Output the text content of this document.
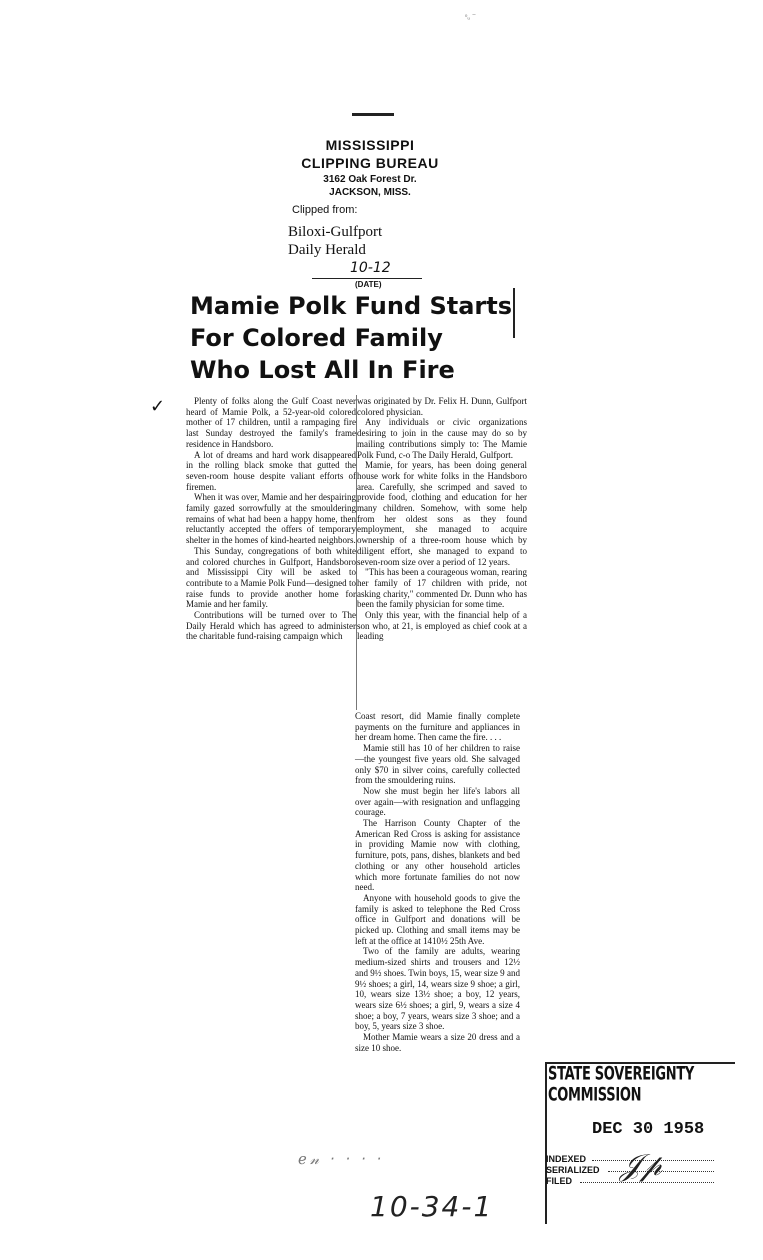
ᵒᵤ ⁻
MISSISSIPPI
CLIPPING BUREAU
3162 Oak Forest Dr.
JACKSON, MISS.
Clipped from:
Biloxi-Gulfport
Daily Herald
10-12
(DATE)
Mamie Polk Fund Starts
For Colored Family
Who Lost All In Fire
✓	Plenty of folks along the Gulf Coast never heard of Mamie Polk, a 52-year-old colored mother of 17 children, until a rampaging fire last Sunday destroyed the family's frame residence in Handsboro.

A lot of dreams and hard work disappeared in the rolling black smoke that gutted the seven-room house despite valiant efforts of firemen.

When it was over, Mamie and her despairing family gazed sorrowfully at the smouldering remains of what had been a happy home, then reluctantly accepted the offers of temporary shelter in the homes of kind-hearted neighbors.

This Sunday, congregations of both white and colored churches in Gulfport, Handsboro and Mississippi City will be asked to contribute to a Mamie Polk Fund—designed to raise funds to provide another home for Mamie and her family.

Contributions will be turned over to The Daily Herald which has agreed to administer the charitable fund-raising campaign which

was originated by Dr. Felix H. Dunn, Gulfport colored physician.

Any individuals or civic organizations desiring to join in the cause may do so by mailing contributions simply to: The Mamie Polk Fund, c-o The Daily Herald, Gulfport.

Mamie, for years, has been doing general house work for white folks in the Handsboro area. Carefully, she scrimped and saved to provide food, clothing and education for her many children. Somehow, with some help from her oldest sons as they found employment, she managed to acquire ownership of a three-room house which by diligent effort, she managed to expand to seven-room size over a period of 12 years.

"This has been a courageous woman, rearing her family of 17 children with pride, not asking charity," commented Dr. Dunn who has been the family physician for some time.

Only this year, with the financial help of a son who, at 21, is employed as chief cook at a leading

Coast resort, did Mamie finally complete payments on the furniture and appliances in her dream home. Then came the fire. . . .

Mamie still has 10 of her children to raise—the youngest five years old. She salvaged only $70 in silver coins, carefully collected from the smouldering ruins.

Now she must begin her life's labors all over again—with resignation and unflagging courage.

The Harrison County Chapter of the American Red Cross is asking for assistance in providing Mamie now with clothing, furniture, pots, pans, dishes, blankets and bed clothing or any other household articles which more fortunate families do not now need.

Anyone with household goods to give the family is asked to telephone the Red Cross office in Gulfport and donations will be picked up. Clothing and small items may be left at the office at 1410½ 25th Ave.

Two of the family are adults, wearing medium-sized shirts and trousers and 12½ and 9½ shoes. Twin boys, 15, wear size 9 and 9½ shoes; a girl, 14, wears size 9 shoe; a girl, 10, wears size 13½ shoe; a boy, 12 years, wears size 6½ shoes; a girl, 9, wears a size 4 shoe; a boy, 7 years, wears size 3 shoe; and a boy, 5, years size 3 shoe.

Mother Mamie wears a size 20 dress and a size 10 shoe.

ℯ𝓃 · · · ·
10-34-1
STATE SOVEREIGNTY COMMISSION
DEC 30 1958
INDEXED
SERIALIZED
FILED 𝒥𝓅
